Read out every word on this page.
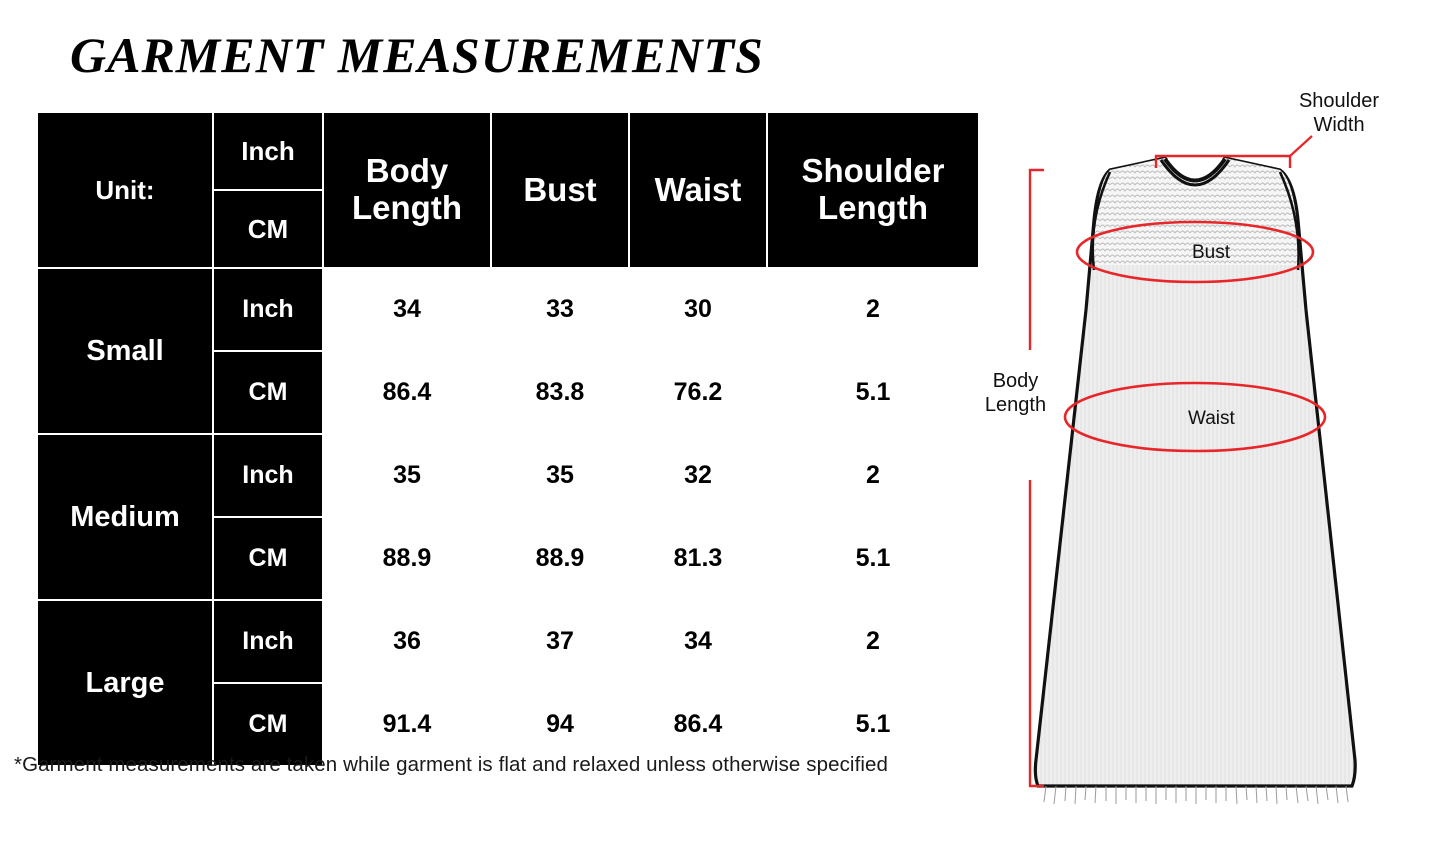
GARMENT MEASUREMENTS
Unit:	Inch	Body Length	Bust	Waist	Shoulder Length
	CM				
Small	Inch	34	33	30	2
	CM	86.4	83.8	76.2	5.1
Medium	Inch	35	35	32	2
	CM	88.9	88.9	81.3	5.1
Large	Inch	36	37	34	2
	CM	91.4	94	86.4	5.1
*Garment measurements are taken while garment is flat and relaxed unless otherwise specified
Shoulder
Width
Body
Length
Bust
Waist
